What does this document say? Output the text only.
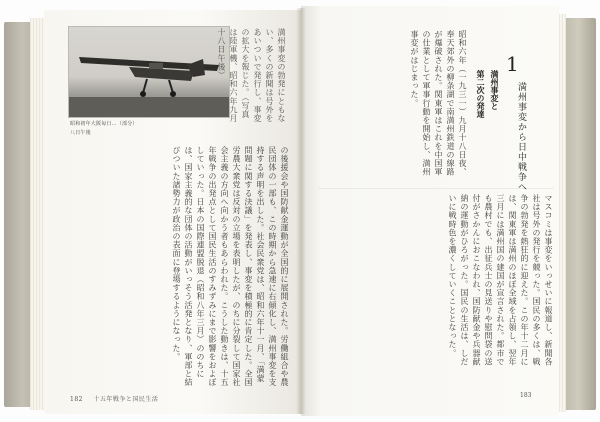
昭和初年大阪毎日…（部分）
八日午後
満州事変の勃発にともない、多くの新聞は号外をあいついで発行し、事変の拡大を報じた。（写真は陸軍機、昭和六年九月十八日午後）
の後援会や国防献金運動が全国的に展開された。労働組合や農民団体の一部も、この時期から急速に右傾化し、満州事変を支持する声明を出した。社会民衆党は、昭和六年十一月、「満蒙問題に関する決議」を発表し、事変を積極的に肯定した。全国労農大衆党は反対の立場を表明したが、のちに分裂して国家社会主義の方向へ向かう者もあらわれた。こうした動きは、十五年戦争の出発点として国民生活のすみずみにまで影響をおよぼしていった。日本の国際連盟脱退（昭和八年三月）ののちには、国家主義的な団体の活動がいっそう活発となり、軍部と結びついた諸勢力が政治の表面に登場するようになった。
182 十五年戦争と国民生活
1
満州事変から日中戦争へ
満州事変と
第二次の発達
昭和六年（一九三一）九月十八日夜、奉天郊外の柳条湖で南満州鉄道の線路が爆破された。関東軍はこれを中国軍の仕業として軍事行動を開始し、満州事変がはじまった。
マスコミは事変をいっせいに報道し、新聞各社は号外の発行を競った。国民の多くは、戦争の勃発を熱狂的に迎えた。この年十二月には、関東軍は満州のほぼ全域を占領し、翌年三月には満州国の建国が宣言された。都市でも農村でも、出征兵士の見送りや慰問袋の送付がさかんにおこなわれ、国防献金や兵器献納の運動がひろがった。国民の生活は、しだいに戦時色を濃くしていくこととなった。
183
